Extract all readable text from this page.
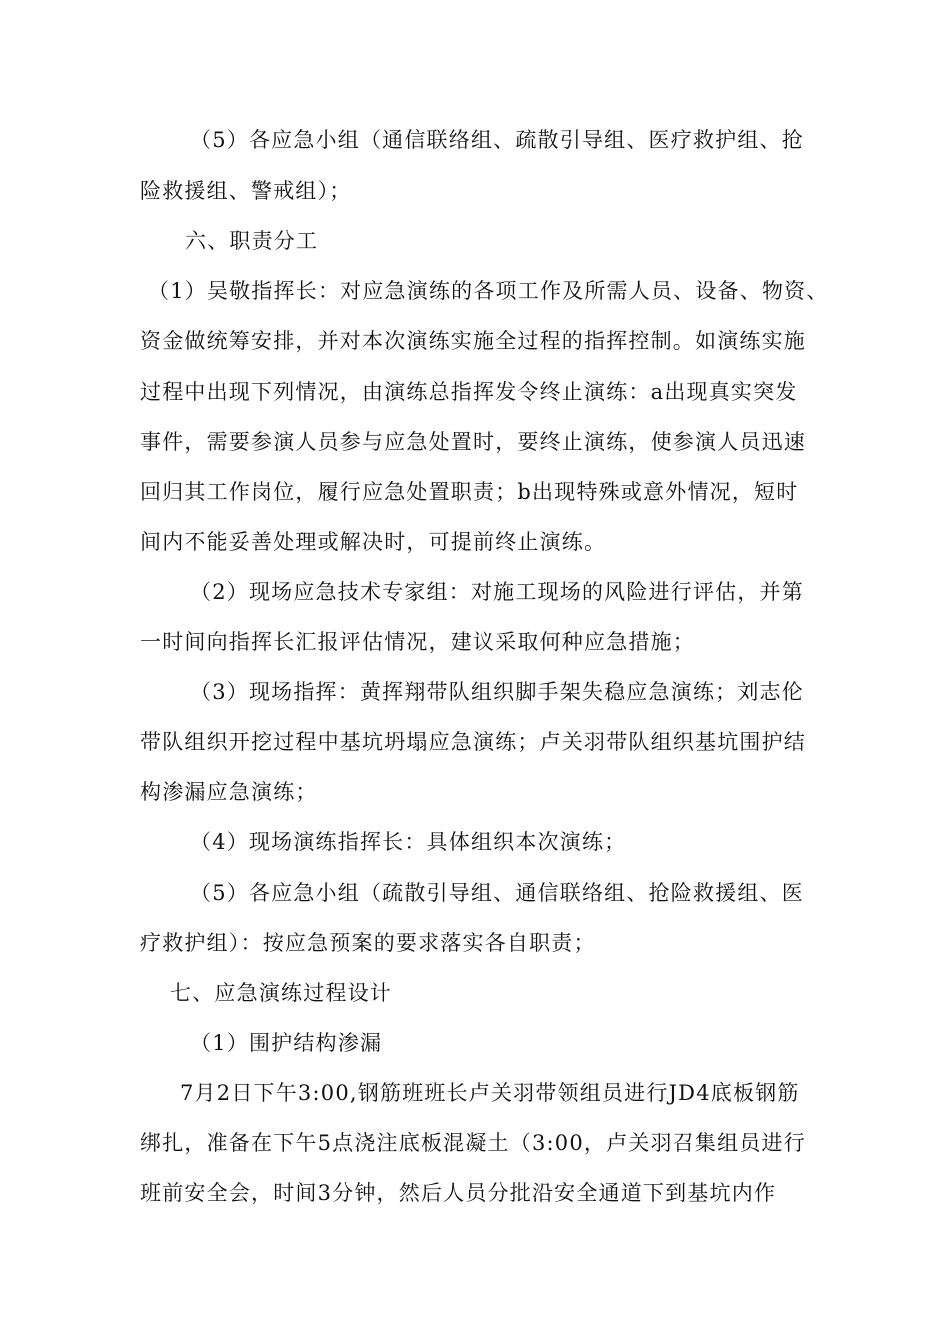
（5）各应急小组（通信联络组、疏散引导组、医疗救护组、抢
险救援组、警戒组）；
六、职责分工
（1）吴敬指挥长：对应急演练的各项工作及所需人员、设备、物资、
资金做统筹安排，并对本次演练实施全过程的指挥控制。如演练实施
过程中出现下列情况，由演练总指挥发令终止演练：a出现真实突发
事件，需要参演人员参与应急处置时，要终止演练，使参演人员迅速
回归其工作岗位，履行应急处置职责；b出现特殊或意外情况，短时
间内不能妥善处理或解决时，可提前终止演练。
（2）现场应急技术专家组：对施工现场的风险进行评估，并第
一时间向指挥长汇报评估情况，建议采取何种应急措施；
（3）现场指挥：黄挥翔带队组织脚手架失稳应急演练；刘志伦
带队组织开挖过程中基坑坍塌应急演练；卢关羽带队组织基坑围护结
构渗漏应急演练；
（4）现场演练指挥长：具体组织本次演练；
（5）各应急小组（疏散引导组、通信联络组、抢险救援组、医
疗救护组）：按应急预案的要求落实各自职责；
七、应急演练过程设计
（1）围护结构渗漏
7月2日下午3:00,钢筋班班长卢关羽带领组员进行JD4底板钢筋
绑扎，准备在下午5点浇注底板混凝土（3:00，卢关羽召集组员进行
班前安全会，时间3分钟，然后人员分批沿安全通道下到基坑内作
